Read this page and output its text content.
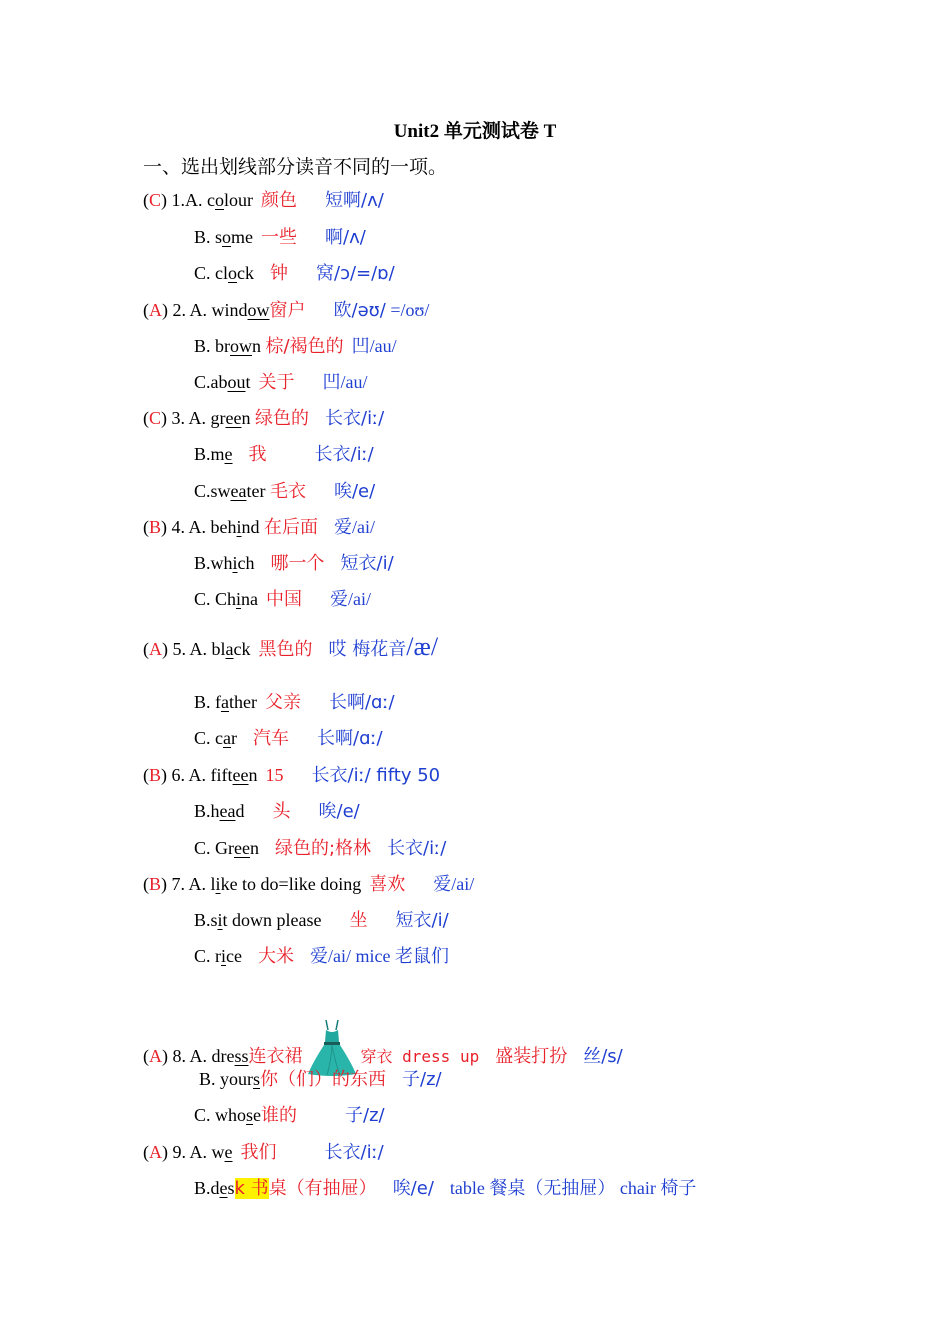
Unit2 单元测试卷 T
一、选出划线部分读音不同的一项。
(C) 1.A. colour 颜色 短啊/ʌ/
B. some 一些 啊/ʌ/
C. clock 钟 窝/ɔ/=/ɒ/
(A) 2. A. window窗户 欧/əʊ/ =/oʊ/
B. brown 棕/褐色的 凹/au/
C.about 关于 凹/au/
(C) 3. A. green 绿色的 长衣/iː/
B.me 我	长衣/iː/
C.sweater 毛衣 唉/e/
(B) 4. A. behind 在后面 爱/ai/
B.which 哪一个 短衣/i/
C. China 中国 爱/ai/
(A) 5. A. black 黑色的 哎 梅花音/æ/
B. father 父亲 长啊/ɑː/
C. car 汽车 长啊/ɑː/
(B) 6. A. fifteen 15 长衣/iː/ fifty 50
B.head 头 唉/e/
C. Green 绿色的;格林 长衣/iː/
(B) 7. A. like to do=like doing 喜欢 爱/ai/
B.sit down please 坐 短衣/i/
C. rice 大米 爱/ai/ mice 老鼠们
(A) 8. A. dress连衣裙	穿衣 dress up 盛装打扮 丝/s/
B. yours你（们）的东西 子/z/
C. whose谁的	子/z/
(A) 9. A. we 我们	长衣/iː/
B.desk 书桌（有抽屉） 唉/e/ table 餐桌（无抽屉） chair 椅子
